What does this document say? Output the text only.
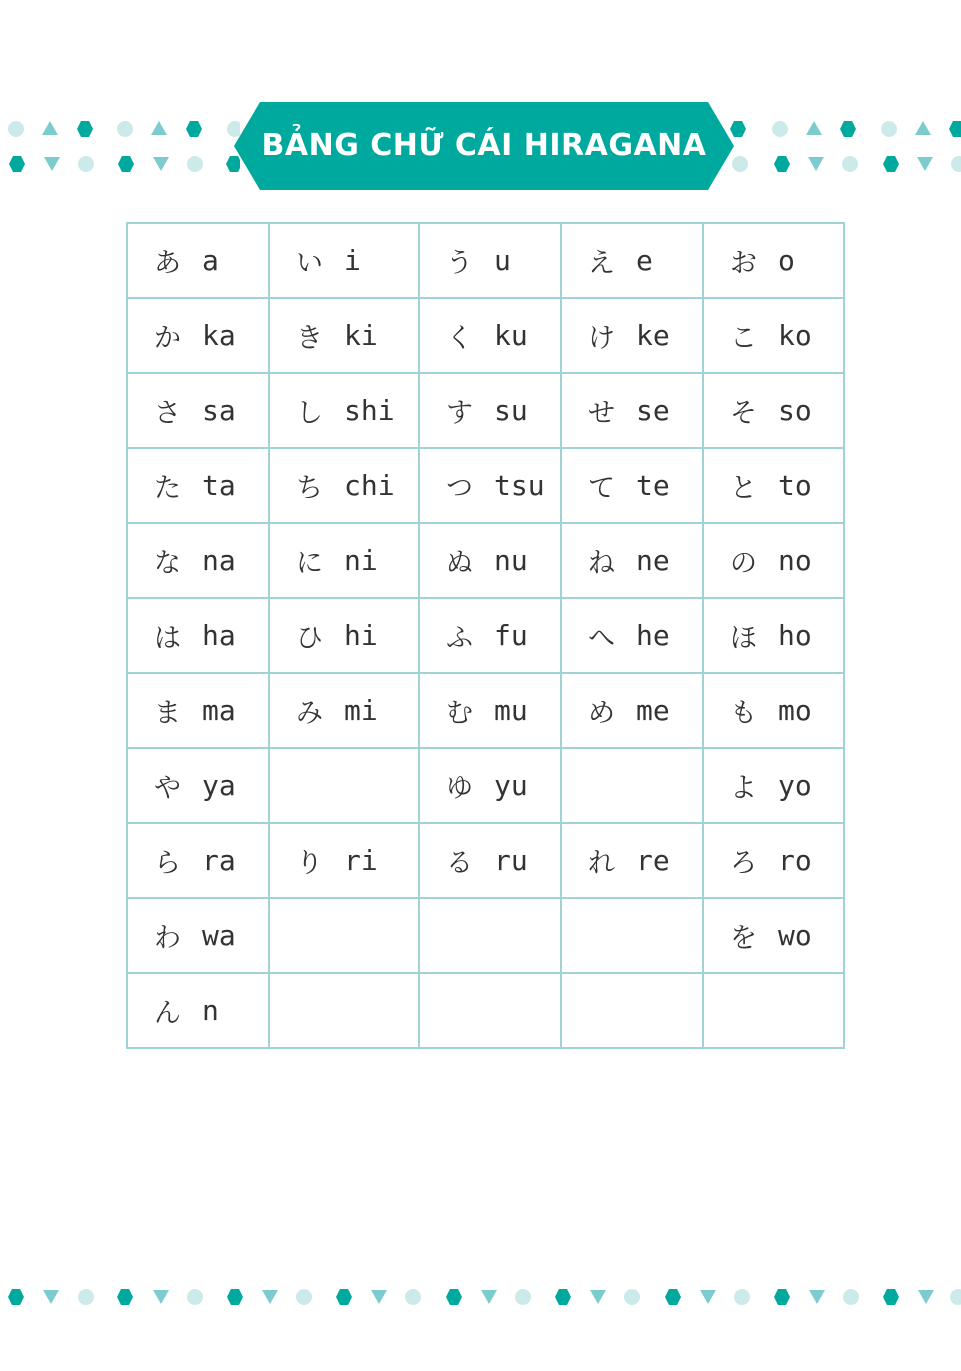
BẢNG CHỮ CÁI HIRAGANA
あ a	い i	う u	え e	お o

か ka	き ki	く ku	け ke	こ ko

さ sa	し shi	す su	せ se	そ so

た ta	ち chi	つ tsu	て te	と to

な na	に ni	ぬ nu	ね ne	の no

は ha	ひ hi	ふ fu	へ he	ほ ho

ま ma	み mi	む mu	め me	も mo

や ya		ゆ yu		よ yo

ら ra	り ri	る ru	れ re	ろ ro

わ wa				を wo

ん n				
